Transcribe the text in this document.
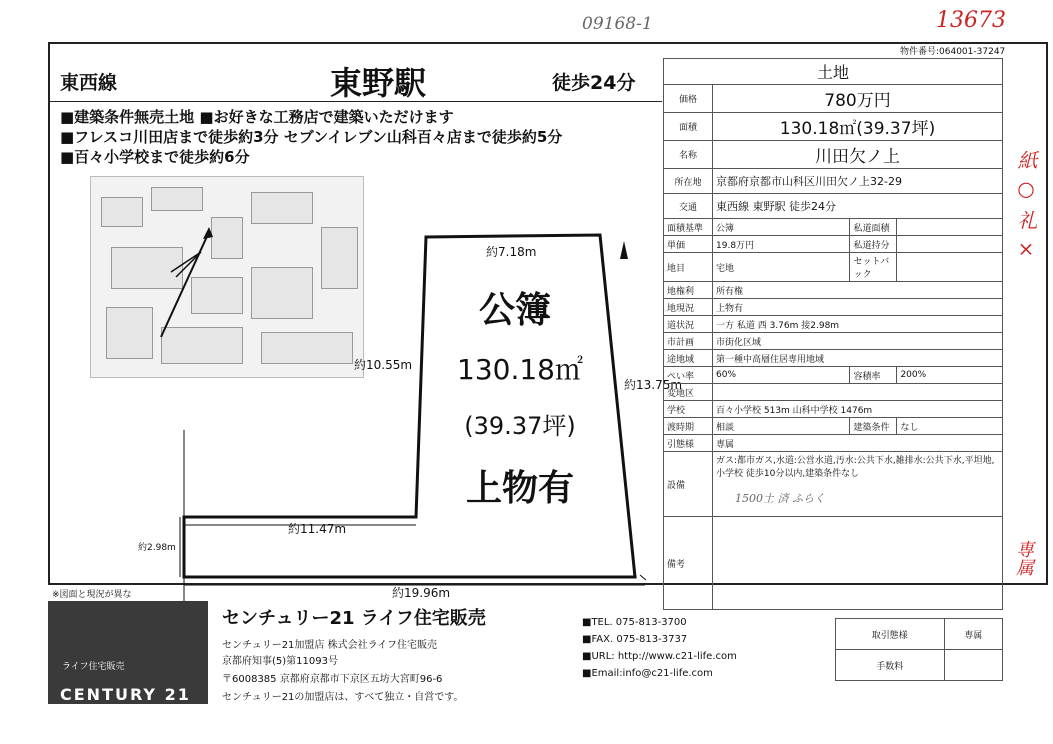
09168-1	13673
紙 ○
礼 ×
専属
物件番号:064001-37247
東西線	東野駅	徒歩24分
■建築条件無売土地 ■お好きな工務店で建築いただけます
■フレスコ川田店まで徒歩約3分 セブンイレブン山科百々店まで徒歩約5分
■百々小学校まで徒歩約6分
約7.18m
約10.55m
約13.75m
約11.47m
約2.98m
約19.96m
公簿
130.18㎡
(39.37坪)
上物有
土地			
価格	780万円		
面積	130.18㎡(39.37坪)		
名称	川田欠ノ上		
所在地	京都府京都市山科区川田欠ノ上32-29		
交通	東西線 東野駅 徒歩24分		
面積基準	公簿	私道面積	
単価	19.8万円	私道持分	
地目	宅地	セットバック	
地権利	所有権		
地現況	上物有		
道状況	一方 私道 西 3.76m 接2.98m		
市計画	市街化区域		
途地域	第一種中高層住居専用地域		
ぺい率	60%	容積率	200%
変地区			
学校	百々小学校 513m 山科中学校 1476m		
渡時期	相談	建築条件	なし
引態様	専属		
設備	ガス:都市ガス,水道:公営水道,汚水:公共下水,雑排水:公共下水,平坦地,小学校 徒歩10分以内,建築条件なし		
備考			
1500土 済 ふらく
※図面と現況が異な
ライフ住宅販売
CENTURY 21
センチュリー21 ライフ住宅販売
センチュリー21加盟店 株式会社ライフ住宅販売
京都府知事(5)第11093号
〒6008385 京都府京都市下京区五坊大宮町96-6
センチュリー21の加盟店は、すべて独立・自営です。
■TEL. 075-813-3700
■FAX. 075-813-3737
■URL: http://www.c21-life.com
■Email:info@c21-life.com
取引態様	専属
手数料	
